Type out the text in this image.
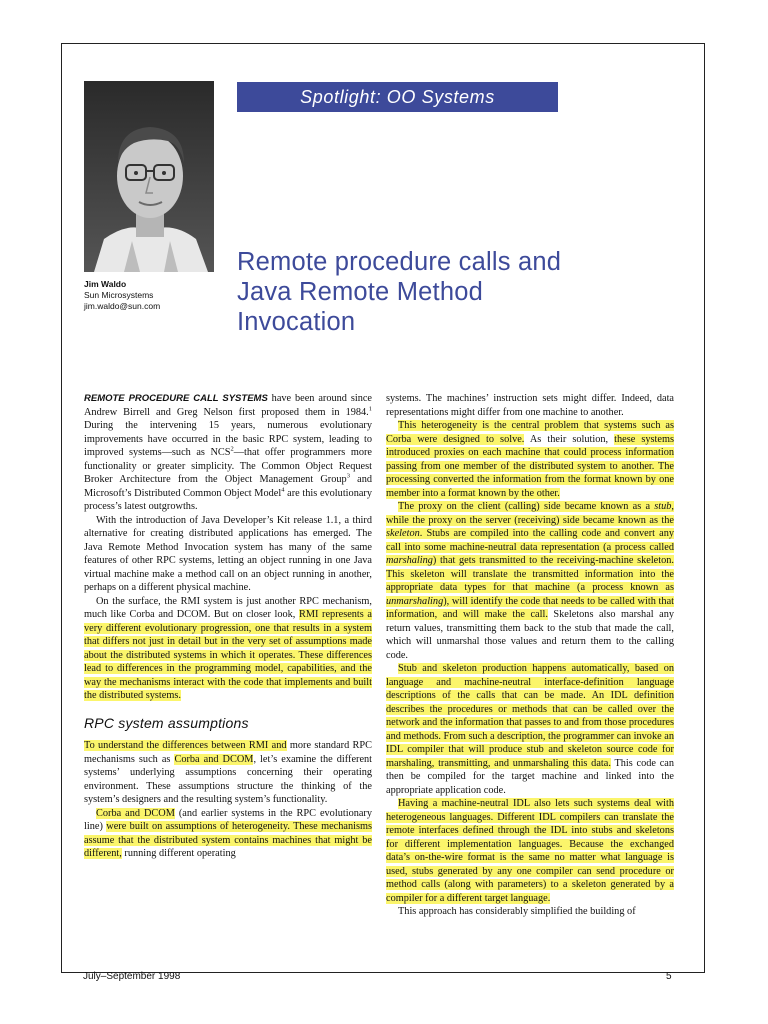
Jim Waldo
Sun Microsystems
jim.waldo@sun.com
Spotlight: OO Systems
Remote procedure calls and
Java Remote Method
Invocation

REMOTE PROCEDURE CALL SYSTEMS have been around since Andrew Birrell and Greg Nelson first proposed them in 1984.$^1$ During the intervening 15 years, numerous evolutionary improvements have occurred in the basic RPC system, leading to improved systems—such as NCS$^2$—that offer programmers more functionality or greater simplicity. The Common Object Request Broker Architecture from the Object Management Group$^3$ and Microsoft’s Distributed Common Object Model$^4$ are this evolutionary process’s latest outgrowths.

With the introduction of Java Developer’s Kit release 1.1, a third alternative for creating distributed applications has emerged. The Java Remote Method Invocation system has many of the same features of other RPC systems, letting an object running in one Java virtual machine make a method call on an object running in another, perhaps on a different physical machine.

On the surface, the RMI system is just another RPC mechanism, much like Corba and DCOM. But on closer look, RMI represents a very different evolutionary progression, one that results in a system that differs not just in detail but in the very set of assumptions made about the distributed systems in which it operates. These differences lead to differences in the programming model, capabilities, and the way the mechanisms interact with the code that implements and built the distributed systems.

RPC system assumptions

To understand the differences between RMI and more standard RPC mechanisms such as Corba and DCOM, let’s examine the different systems’ underlying assumptions concerning their operating environment. These assumptions structure the thinking of the system’s designers and the resulting system’s functionality.

Corba and DCOM (and earlier systems in the RPC evolutionary line) were built on assumptions of heterogeneity. These mechanisms assume that the distributed system contains machines that might be different, running different operating

systems. The machines’ instruction sets might differ. Indeed, data representations might differ from one machine to another.

This heterogeneity is the central problem that systems such as Corba were designed to solve. As their solution, these systems introduced proxies on each machine that could process information passing from one member of the distributed system to another. The processing converted the information from the format known by one member into a format known by the other.

The proxy on the client (calling) side became known as a stub, while the proxy on the server (receiving) side became known as the skeleton. Stubs are compiled into the calling code and convert any call into some machine-neutral data representation (a process called marshaling) that gets transmitted to the receiving-machine skeleton. This skeleton will translate the transmitted information into the appropriate data types for that machine (a process known as unmarshaling), will identify the code that needs to be called with that information, and will make the call. Skeletons also marshal any return values, transmitting them back to the stub that made the call, which will unmarshal those values and return them to the calling code.

Stub and skeleton production happens automatically, based on language and machine-neutral interface-definition language descriptions of the calls that can be made. An IDL definition describes the procedures or methods that can be called over the network and the information that passes to and from those procedures and methods. From such a description, the programmer can invoke an IDL compiler that will produce stub and skeleton source code for marshaling, transmitting, and unmarshaling this data. This code can then be compiled for the target machine and linked into the appropriate application code.

Having a machine-neutral IDL also lets such systems deal with heterogeneous languages. Different IDL compilers can translate the remote interfaces defined through the IDL into stubs and skeletons for different implementation languages. Because the exchanged data’s on-the-wire format is the same no matter what language is used, stubs generated by any one compiler can send procedure or method calls (along with parameters) to a skeleton generated by a compiler for a different target language.

This approach has considerably simplified the building of

July–September 1998	5
